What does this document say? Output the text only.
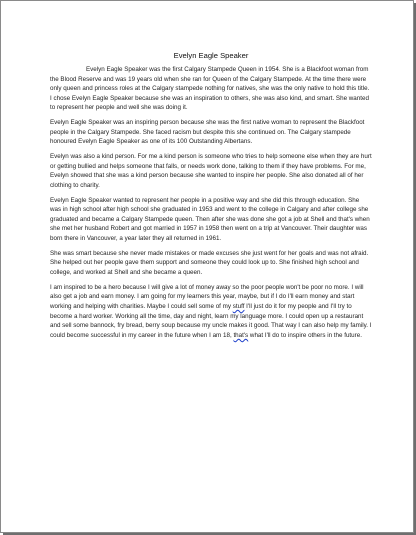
Evelyn Eagle Speaker

Evelyn Eagle Speaker was the first Calgary Stampede Queen in 1954. She is a Blackfoot woman from the Blood Reserve and was 19 years old when she ran for Queen of the Calgary Stampede. At the time there were only queen and princess roles at the Calgary stampede nothing for natives, she was the only native to hold this title. I chose Evelyn Eagle Speaker because she was an inspiration to others, she was also kind, and smart. She wanted to represent her people and well she was doing it.

Evelyn Eagle Speaker was an inspiring person because she was the first native woman to represent the Blackfoot people in the Calgary Stampede. She faced racism but despite this she continued on. The Calgary stampede honoured Evelyn Eagle Speaker as one of its 100 Outstanding Albertans.

Evelyn was also a kind person. For me a kind person is someone who tries to help someone else when they are hurt or getting bullied and helps someone that falls, or needs work done, talking to them if they have problems. For me, Evelyn showed that she was a kind person because she wanted to inspire her people. She also donated all of her clothing to charity.

Evelyn Eagle Speaker wanted to represent her people in a positive way and she did this through education. She was in high school after high school she graduated in 1953 and went to the college in Calgary and after college she graduated and became a Calgary Stampede queen. Then after she was done she got a job at Shell and that's when she met her husband Robert and got married in 1957 in 1958 then went on a trip at Vancouver. Their daughter was born there in Vancouver, a year later they all returned in 1961.

She was smart because she never made mistakes or made excuses she just went for her goals and was not afraid. She helped out her people gave them support and someone they could look up to. She finished high school and college, and worked at Shell and she became a queen.

I am inspired to be a hero because I will give a lot of money away so the poor people won't be poor no more. I will also get a job and earn money. I am going for my learners this year, maybe, but if I do I'll earn money and start working and helping with charities. Maybe I could sell some of my stuff I'll just do it for my people and I'll try to become a hard worker. Working all the time, day and night, learn my language more. I could open up a restaurant and sell some bannock, fry bread, berry soup because my uncle makes it good. That way I can also help my family. I could become successful in my career in the future when I am 18, that's what I'll do to inspire others in the future.
